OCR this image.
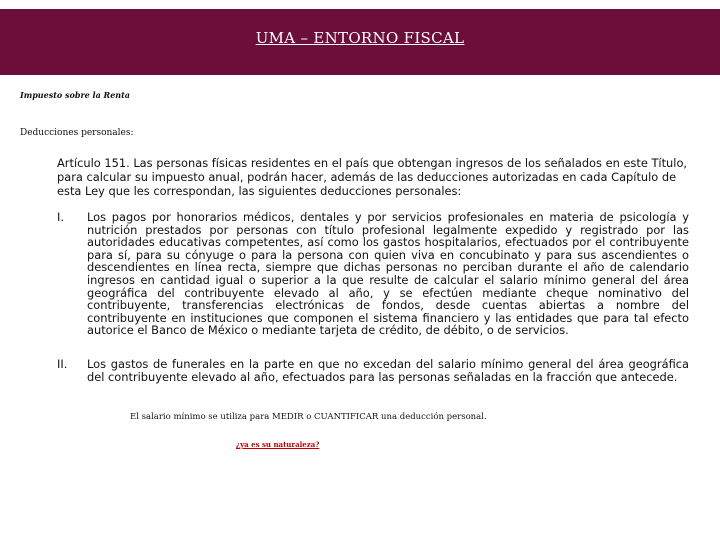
UMA – ENTORNO FISCAL
Impuesto sobre la Renta
Deducciones personales:
Artículo 151. Las personas físicas residentes en el país que obtengan ingresos de los señalados en este Título, para calcular su impuesto anual, podrán hacer, además de las deducciones autorizadas en cada Capítulo de esta Ley que les correspondan, las siguientes deducciones personales:
I. Los pagos por honorarios médicos, dentales y por servicios profesionales en materia de psicología y nutrición prestados por personas con título profesional legalmente expedido y registrado por las autoridades educativas competentes, así como los gastos hospitalarios, efectuados por el contribuyente para sí, para su cónyuge o para la persona con quien viva en concubinato y para sus ascendientes o descendientes en línea recta, siempre que dichas personas no perciban durante el año de calendario ingresos en cantidad igual o superior a la que resulte de calcular el salario mínimo general del área geográfica del contribuyente elevado al año, y se efectúen mediante cheque nominativo del contribuyente, transferencias electrónicas de fondos, desde cuentas abiertas a nombre del contribuyente en instituciones que componen el sistema financiero y las entidades que para tal efecto autorice el Banco de México o mediante tarjeta de crédito, de débito, o de servicios.
II. Los gastos de funerales en la parte en que no excedan del salario mínimo general del área geográfica del contribuyente elevado al año, efectuados para las personas señaladas en la fracción que antecede.
El salario mínimo se utiliza para MEDIR o CUANTIFICAR una deducción personal.
¿ya es su naturaleza?
